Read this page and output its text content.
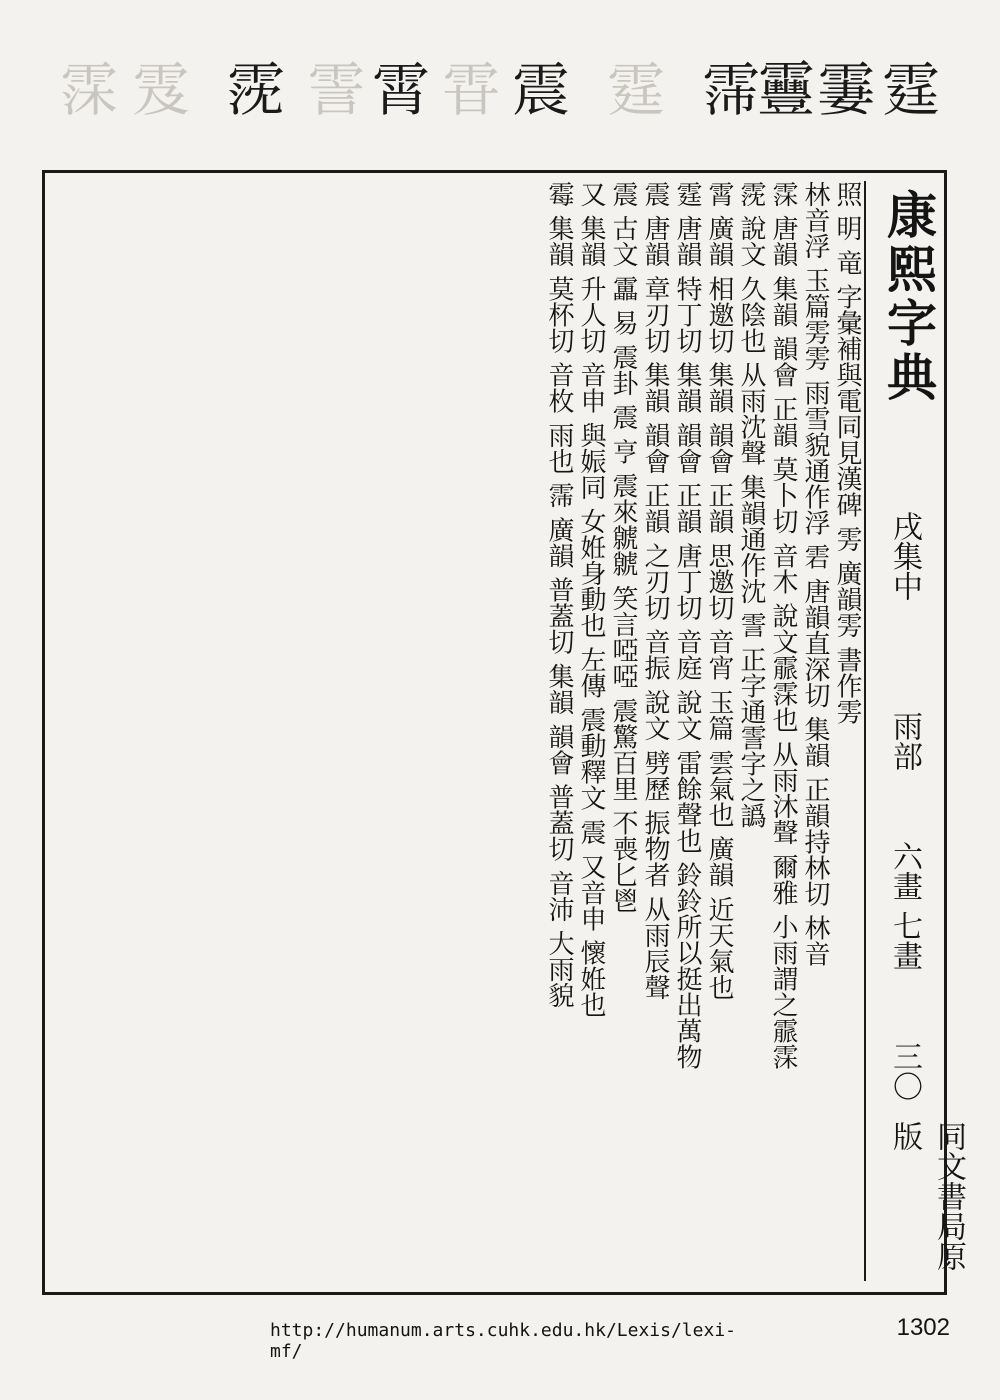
霂 雭 霃 霅 霄 雸 震 霆 霈
靊 霋 霆

照 明 竜 字彙補與電同見漢碑 雱 廣韻雱 書作雱

林音浮 玉篇雱雱 雨雪貌通作浮 雼 唐韻直深切 集韻 正韻持林切 林音

霂 唐韻 集韻 韻會 正韻 莫卜切 音木 說文霢霂也 从雨沐聲 爾雅 小雨謂之霢霂

霃 說文 久陰也 从雨沈聲 集韻通作沈 霅 正字通霅字之譌

霄 廣韻 相邀切 集韻 韻會 正韻 思邀切 音宵 玉篇 雲氣也 廣韻 近天氣也

霆 唐韻 特丁切 集韻 韻會 正韻 唐丁切 音庭 說文 雷餘聲也 鈴鈴所以挺出萬物

震 唐韻 章刃切 集韻 韻會 正韻 之刃切 音振 說文 劈歷 振物者 从雨辰聲

震 古文 靁 易 震卦 震 亨 震來虩虩 笑言啞啞 震驚百里 不喪匕鬯

又 集韻 升人切 音申 與娠同 女姙身動也 左傳 震動釋文 震 又音申 懷姙也

霉 集韻 莫杯切 音枚 雨也 霈 廣韻 普蓋切 集韻 韻會 普蓋切 音沛 大雨貌	康熙字典
戌集中
雨部
六畫 七畫
三〇
同文書局原版
http://humanum.arts.cuhk.edu.hk/Lexis/lexi-mf/
1302
